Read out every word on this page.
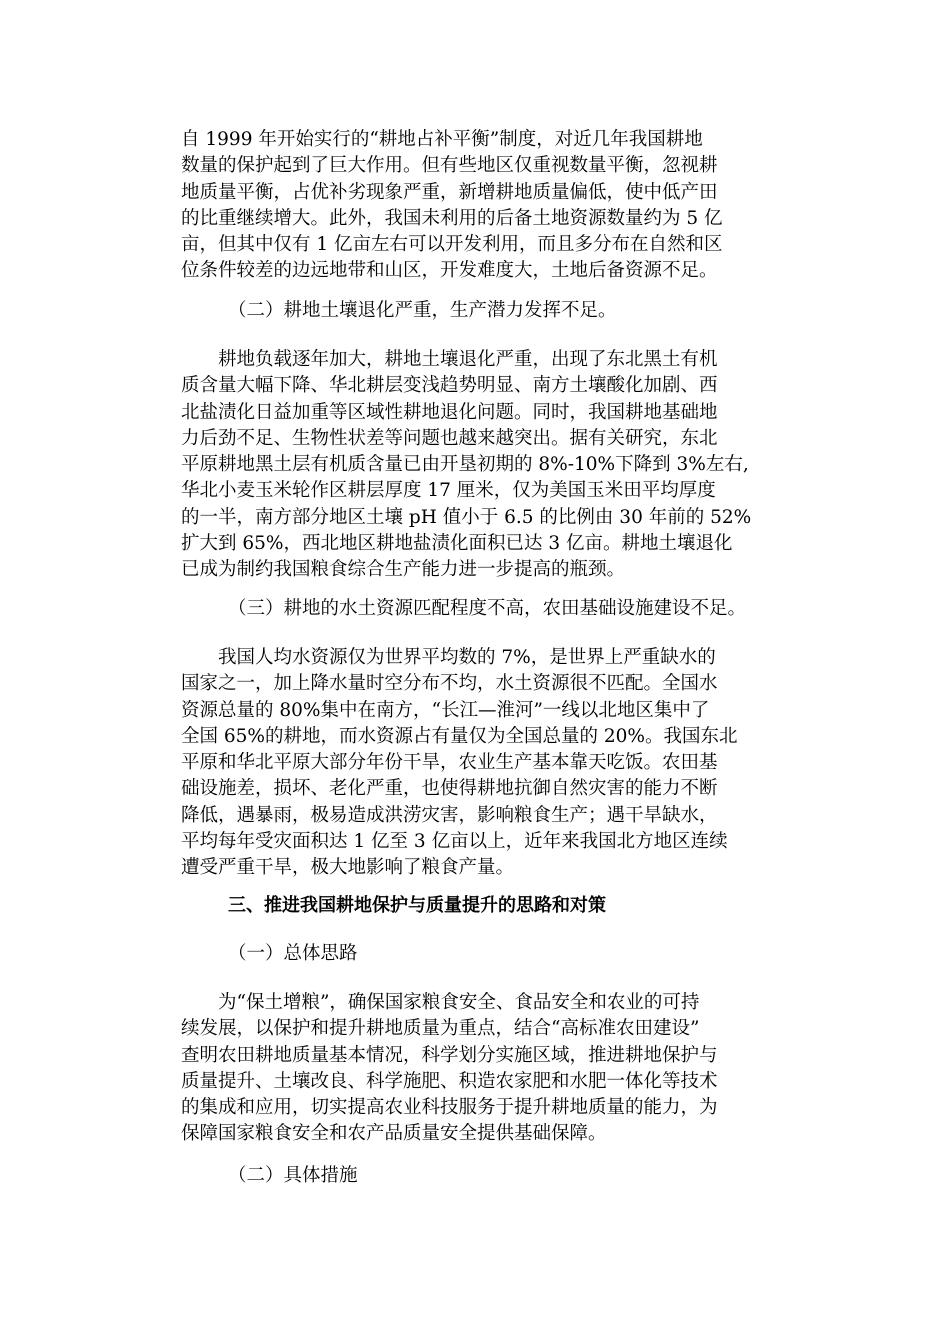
自 1999 年开始实行的“耕地占补平衡”制度，对近几年我国耕地
数量的保护起到了巨大作用。但有些地区仅重视数量平衡，忽视耕
地质量平衡，占优补劣现象严重，新增耕地质量偏低，使中低产田
的比重继续增大。此外，我国未利用的后备土地资源数量约为 5 亿
亩，但其中仅有 1 亿亩左右可以开发利用，而且多分布在自然和区
位条件较差的边远地带和山区，开发难度大，土地后备资源不足。

（二）耕地土壤退化严重，生产潜力发挥不足。

　　耕地负载逐年加大，耕地土壤退化严重，出现了东北黑土有机
质含量大幅下降、华北耕层变浅趋势明显、南方土壤酸化加剧、西
北盐渍化日益加重等区域性耕地退化问题。同时，我国耕地基础地
力后劲不足、生物性状差等问题也越来越突出。据有关研究，东北
平原耕地黑土层有机质含量已由开垦初期的 8%-10%下降到 3%左右,
华北小麦玉米轮作区耕层厚度 17 厘米，仅为美国玉米田平均厚度
的一半，南方部分地区土壤 pH 值小于 6.5 的比例由 30 年前的 52%
扩大到 65%，西北地区耕地盐渍化面积已达 3 亿亩。耕地土壤退化
已成为制约我国粮食综合生产能力进一步提高的瓶颈。

（三）耕地的水土资源匹配程度不高，农田基础设施建设不足。

　　我国人均水资源仅为世界平均数的 7%，是世界上严重缺水的
国家之一，加上降水量时空分布不均，水土资源很不匹配。全国水
资源总量的 80%集中在南方，“长江—淮河”一线以北地区集中了
全国 65%的耕地，而水资源占有量仅为全国总量的 20%。我国东北
平原和华北平原大部分年份干旱，农业生产基本靠天吃饭。农田基
础设施差，损坏、老化严重，也使得耕地抗御自然灾害的能力不断
降低，遇暴雨，极易造成洪涝灾害，影响粮食生产；遇干旱缺水，
平均每年受灾面积达 1 亿至 3 亿亩以上，近年来我国北方地区连续
遭受严重干旱，极大地影响了粮食产量。

三、推进我国耕地保护与质量提升的思路和对策

（一）总体思路

　　为“保土增粮”，确保国家粮食安全、食品安全和农业的可持
续发展，以保护和提升耕地质量为重点，结合“高标准农田建设”
查明农田耕地质量基本情况，科学划分实施区域，推进耕地保护与
质量提升、土壤改良、科学施肥、积造农家肥和水肥一体化等技术
的集成和应用，切实提高农业科技服务于提升耕地质量的能力，为
保障国家粮食安全和农产品质量安全提供基础保障。

（二）具体措施
